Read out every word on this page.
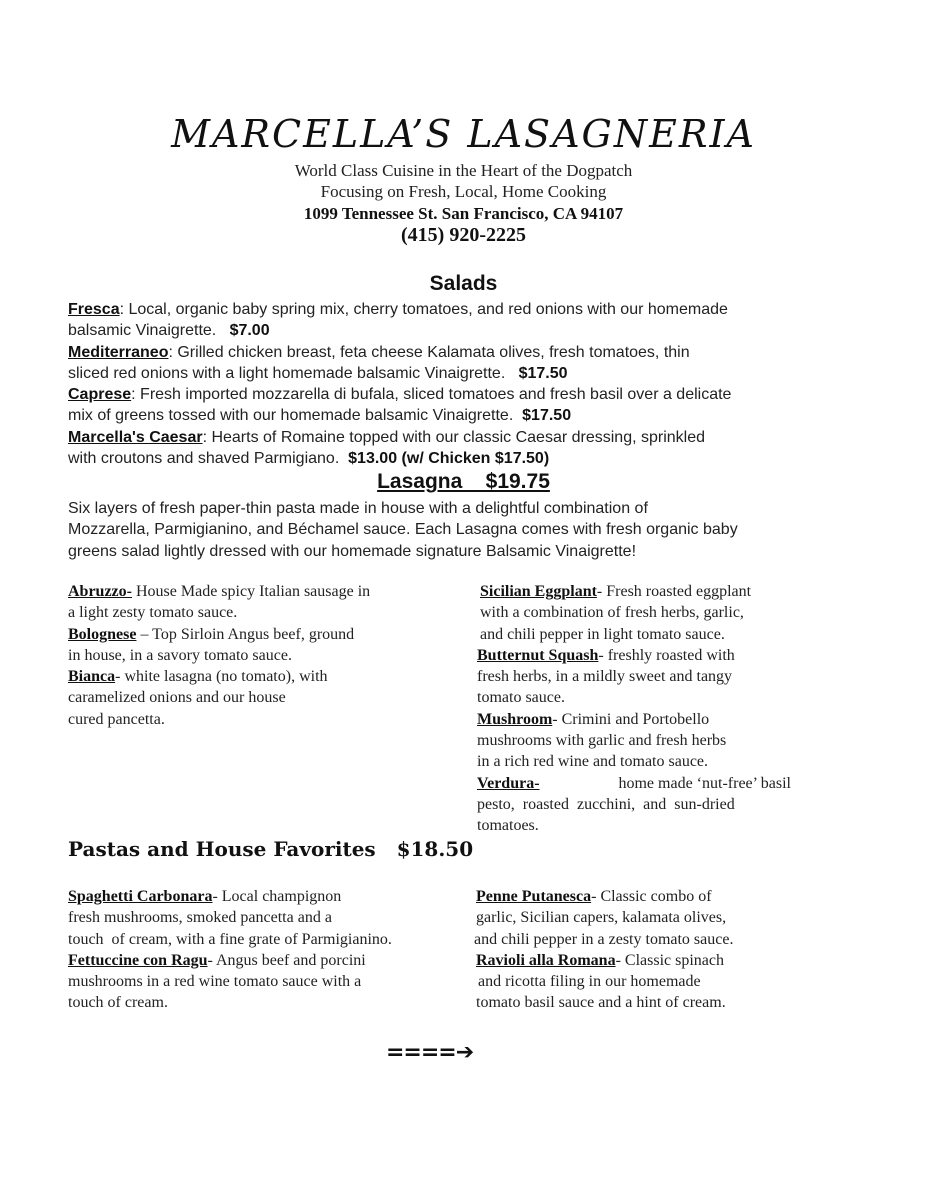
MARCELLA’S LASAGNERIA
World Class Cuisine in the Heart of the Dogpatch
Focusing on Fresh, Local, Home Cooking
1099 Tennessee St. San Francisco, CA 94107
(415) 920-2225
Salads
Fresca: Local, organic baby spring mix, cherry tomatoes, and red onions with our homemade
balsamic Vinaigrette.   $7.00
Mediterraneo: Grilled chicken breast, feta cheese Kalamata olives, fresh tomatoes, thin
sliced red onions with a light homemade balsamic Vinaigrette.   $17.50
Caprese: Fresh imported mozzarella di bufala, sliced tomatoes and fresh basil over a delicate
mix of greens tossed with our homemade balsamic Vinaigrette.  $17.50
Marcella's Caesar: Hearts of Romaine topped with our classic Caesar dressing, sprinkled
with croutons and shaved Parmigiano.  $13.00 (w/ Chicken $17.50)
Lasagna    $19.75
Six layers of fresh paper-thin pasta made in house with a delightful combination of
Mozzarella, Parmigianino, and Béchamel sauce. Each Lasagna comes with fresh organic baby
greens salad lightly dressed with our homemade signature Balsamic Vinaigrette!
Abruzzo- House Made spicy Italian sausage in
a light zesty tomato sauce.
Bolognese – Top Sirloin Angus beef, ground
in house, in a savory tomato sauce.
Bianca- white lasagna (no tomato), with
caramelized onions and our house
cured pancetta.
Sicilian Eggplant- Fresh roasted eggplant
with a combination of fresh herbs, garlic,
and chili pepper in light tomato sauce.
Butternut Squash- freshly roasted with
fresh herbs, in a mildly sweet and tangy
tomato sauce.
Mushroom- Crimini and Portobello
mushrooms with garlic and fresh herbs
in a rich red wine and tomato sauce.
Verdura-	home made ‘nut-free’ basil
pesto, roasted zucchini, and sun-dried
tomatoes.
Pastas and House Favorites   $18.50
Spaghetti Carbonara- Local champignon
fresh mushrooms, smoked pancetta and a
touch  of cream, with a fine grate of Parmigianino.
Fettuccine con Ragu- Angus beef and porcini
mushrooms in a red wine tomato sauce with a
touch of cream.
Penne Putanesca- Classic combo of
garlic, Sicilian capers, kalamata olives,
and chili pepper in a zesty tomato sauce.
Ravioli alla Romana- Classic spinach
and ricotta filing in our homemade
tomato basil sauce and a hint of cream.
====➔
